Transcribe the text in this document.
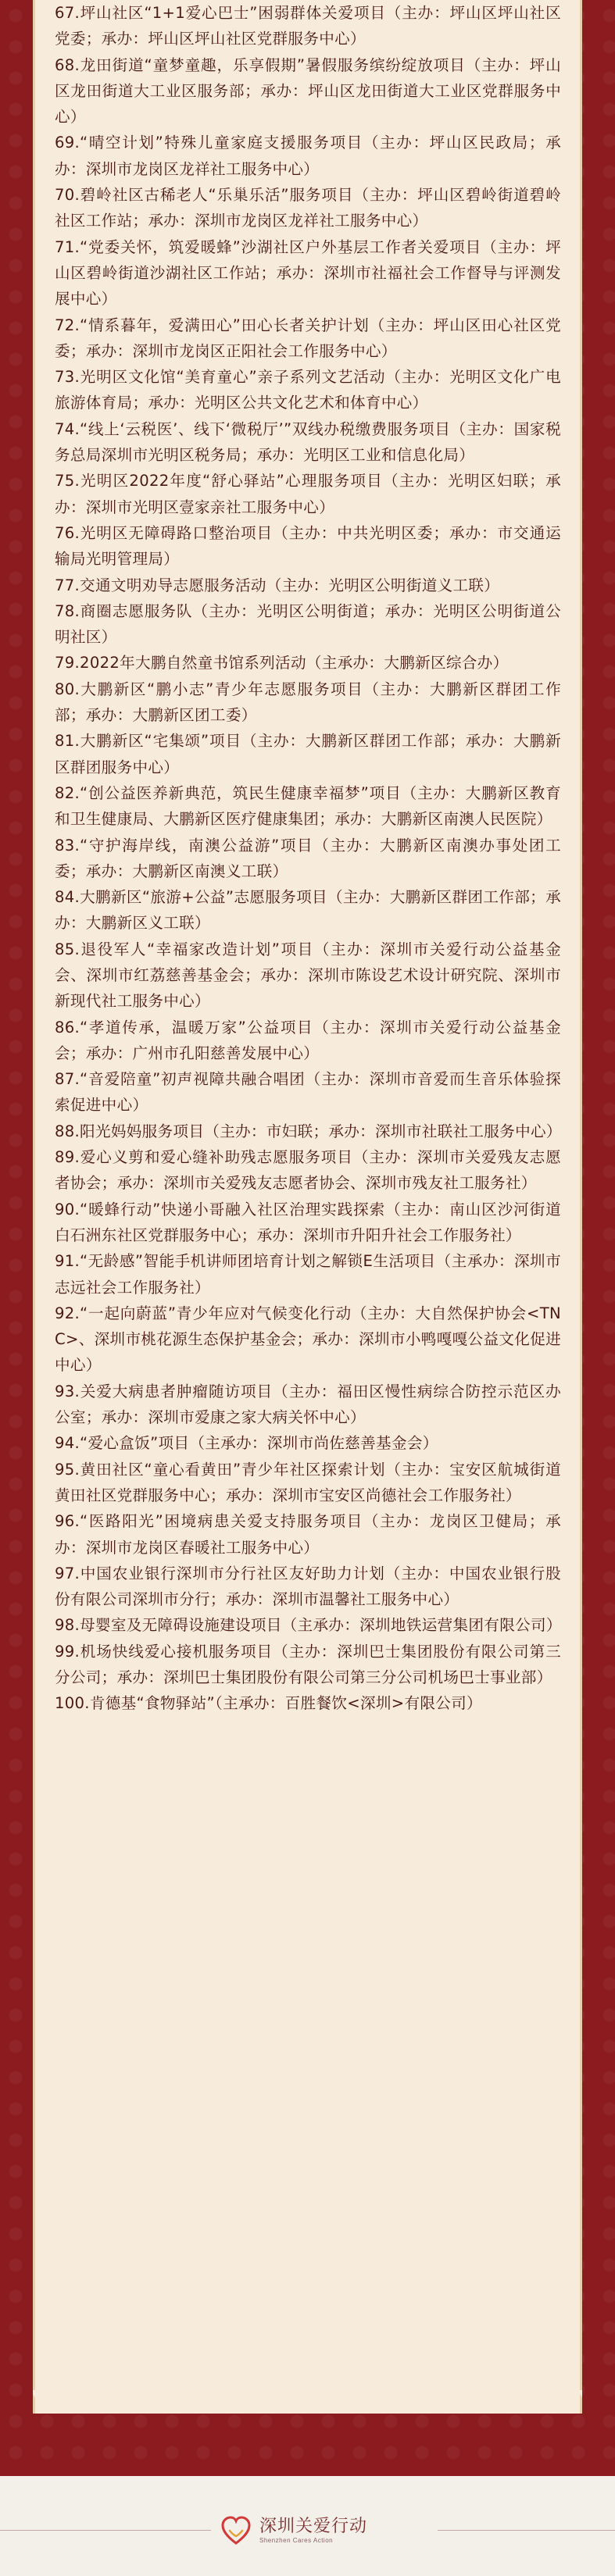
67.坪山社区“1+1爱心巴士”困弱群体关爱项目（主办：坪山区坪山社区党委；承办：坪山区坪山社区党群服务中心）

68.龙田街道“童梦童趣，乐享假期”暑假服务缤纷绽放项目（主办：坪山区龙田街道大工业区服务部；承办：坪山区龙田街道大工业区党群服务中心）

69.“晴空计划”特殊儿童家庭支援服务项目（主办：坪山区民政局；承办：深圳市龙岗区龙祥社工服务中心）

70.碧岭社区古稀老人“乐巢乐活”服务项目（主办：坪山区碧岭街道碧岭社区工作站；承办：深圳市龙岗区龙祥社工服务中心）

71.“党委关怀，筑爱暖蜂”沙湖社区户外基层工作者关爱项目（主办：坪山区碧岭街道沙湖社区工作站；承办：深圳市社福社会工作督导与评测发展中心）

72.“情系暮年，爱满田心”田心长者关护计划（主办：坪山区田心社区党委；承办：深圳市龙岗区正阳社会工作服务中心）

73.光明区文化馆“美育童心”亲子系列文艺活动（主办：光明区文化广电旅游体育局；承办：光明区公共文化艺术和体育中心）

74.“线上‘云税医’、线下‘微税厅’”双线办税缴费服务项目（主办：国家税务总局深圳市光明区税务局；承办：光明区工业和信息化局）

75.光明区2022年度“舒心驿站”心理服务项目（主办：光明区妇联；承办：深圳市光明区壹家亲社工服务中心）

76.光明区无障碍路口整治项目（主办：中共光明区委；承办：市交通运输局光明管理局）

77.交通文明劝导志愿服务活动（主办：光明区公明街道义工联）

78.商圈志愿服务队（主办：光明区公明街道；承办：光明区公明街道公明社区）

79.2022年大鹏自然童书馆系列活动（主承办：大鹏新区综合办）

80.大鹏新区“鹏小志”青少年志愿服务项目（主办：大鹏新区群团工作部；承办：大鹏新区团工委）

81.大鹏新区“宅集颂”项目（主办：大鹏新区群团工作部；承办：大鹏新区群团服务中心）

82.“创公益医养新典范，筑民生健康幸福梦”项目（主办：大鹏新区教育和卫生健康局、大鹏新区医疗健康集团；承办：大鹏新区南澳人民医院）

83.“守护海岸线，南澳公益游”项目（主办：大鹏新区南澳办事处团工委；承办：大鹏新区南澳义工联）

84.大鹏新区“旅游+公益”志愿服务项目（主办：大鹏新区群团工作部；承办：大鹏新区义工联）

85.退役军人“幸福家改造计划”项目（主办：深圳市关爱行动公益基金会、深圳市红荔慈善基金会；承办：深圳市陈设艺术设计研究院、深圳市新现代社工服务中心）

86.“孝道传承，温暖万家”公益项目（主办：深圳市关爱行动公益基金会；承办：广州市孔阳慈善发展中心）

87.“音爱陪童”初声视障共融合唱团（主办：深圳市音爱而生音乐体验探索促进中心）

88.阳光妈妈服务项目（主办：市妇联；承办：深圳市社联社工服务中心）

89.爱心义剪和爱心缝补助残志愿服务项目（主办：深圳市关爱残友志愿者协会；承办：深圳市关爱残友志愿者协会、深圳市残友社工服务社）

90.“暖蜂行动”快递小哥融入社区治理实践探索（主办：南山区沙河街道白石洲东社区党群服务中心；承办：深圳市升阳升社会工作服务社）

91.“无龄感”智能手机讲师团培育计划之解锁E生活项目（主承办：深圳市志远社会工作服务社）

92.“一起向蔚蓝”青少年应对气候变化行动（主办：大自然保护协会<TNC>、深圳市桃花源生态保护基金会；承办：深圳市小鸭嘎嘎公益文化促进中心）

93.关爱大病患者肿瘤随访项目（主办：福田区慢性病综合防控示范区办公室；承办：深圳市爱康之家大病关怀中心）

94.“爱心盒饭”项目（主承办：深圳市尚佐慈善基金会）

95.黄田社区“童心看黄田”青少年社区探索计划（主办：宝安区航城街道黄田社区党群服务中心；承办：深圳市宝安区尚德社会工作服务社）

96.“医路阳光”困境病患关爱支持服务项目（主办：龙岗区卫健局；承办：深圳市龙岗区春暖社工服务中心）

97.中国农业银行深圳市分行社区友好助力计划（主办：中国农业银行股份有限公司深圳市分行；承办：深圳市温馨社工服务中心）

98.母婴室及无障碍设施建设项目（主承办：深圳地铁运营集团有限公司）

99.机场快线爱心接机服务项目（主办：深圳巴士集团股份有限公司第三分公司；承办：深圳巴士集团股份有限公司第三分公司机场巴士事业部）

100.肯德基“食物驿站”（主承办：百胜餐饮<深圳>有限公司）

深圳关爱行动
Shenzhen Cares Action
